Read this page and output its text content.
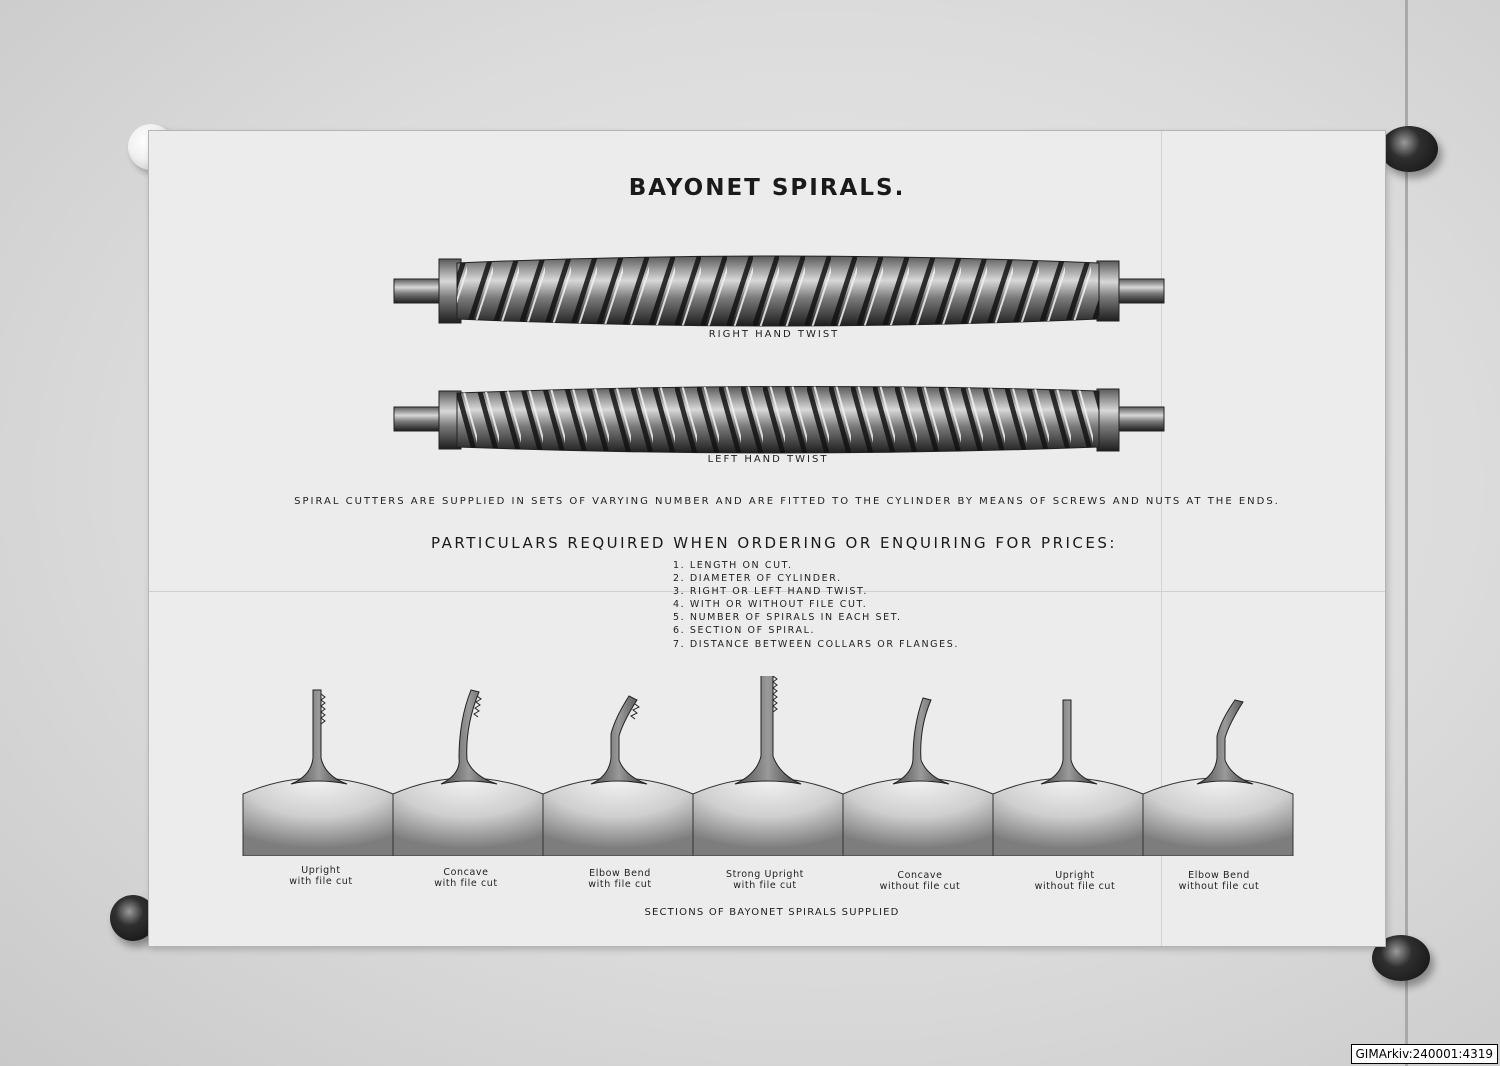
BAYONET SPIRALS.
RIGHT HAND TWIST
LEFT HAND TWIST
SPIRAL CUTTERS ARE SUPPLIED IN SETS OF VARYING NUMBER AND ARE FITTED TO THE CYLINDER BY MEANS OF SCREWS AND NUTS AT THE ENDS.
PARTICULARS REQUIRED WHEN ORDERING OR ENQUIRING FOR PRICES:
1. LENGTH ON CUT.
2. DIAMETER OF CYLINDER.
3. RIGHT OR LEFT HAND TWIST.
4. WITH OR WITHOUT FILE CUT.
5. NUMBER OF SPIRALS IN EACH SET.
6. SECTION OF SPIRAL.
7. DISTANCE BETWEEN COLLARS OR FLANGES.
Upright
with file cut
Concave
with file cut
Elbow Bend
with file cut
Strong Upright
with file cut
Concave
without file cut
Upright
without file cut
Elbow Bend
without file cut
SECTIONS OF BAYONET SPIRALS SUPPLIED
GIMArkiv:240001:4319
